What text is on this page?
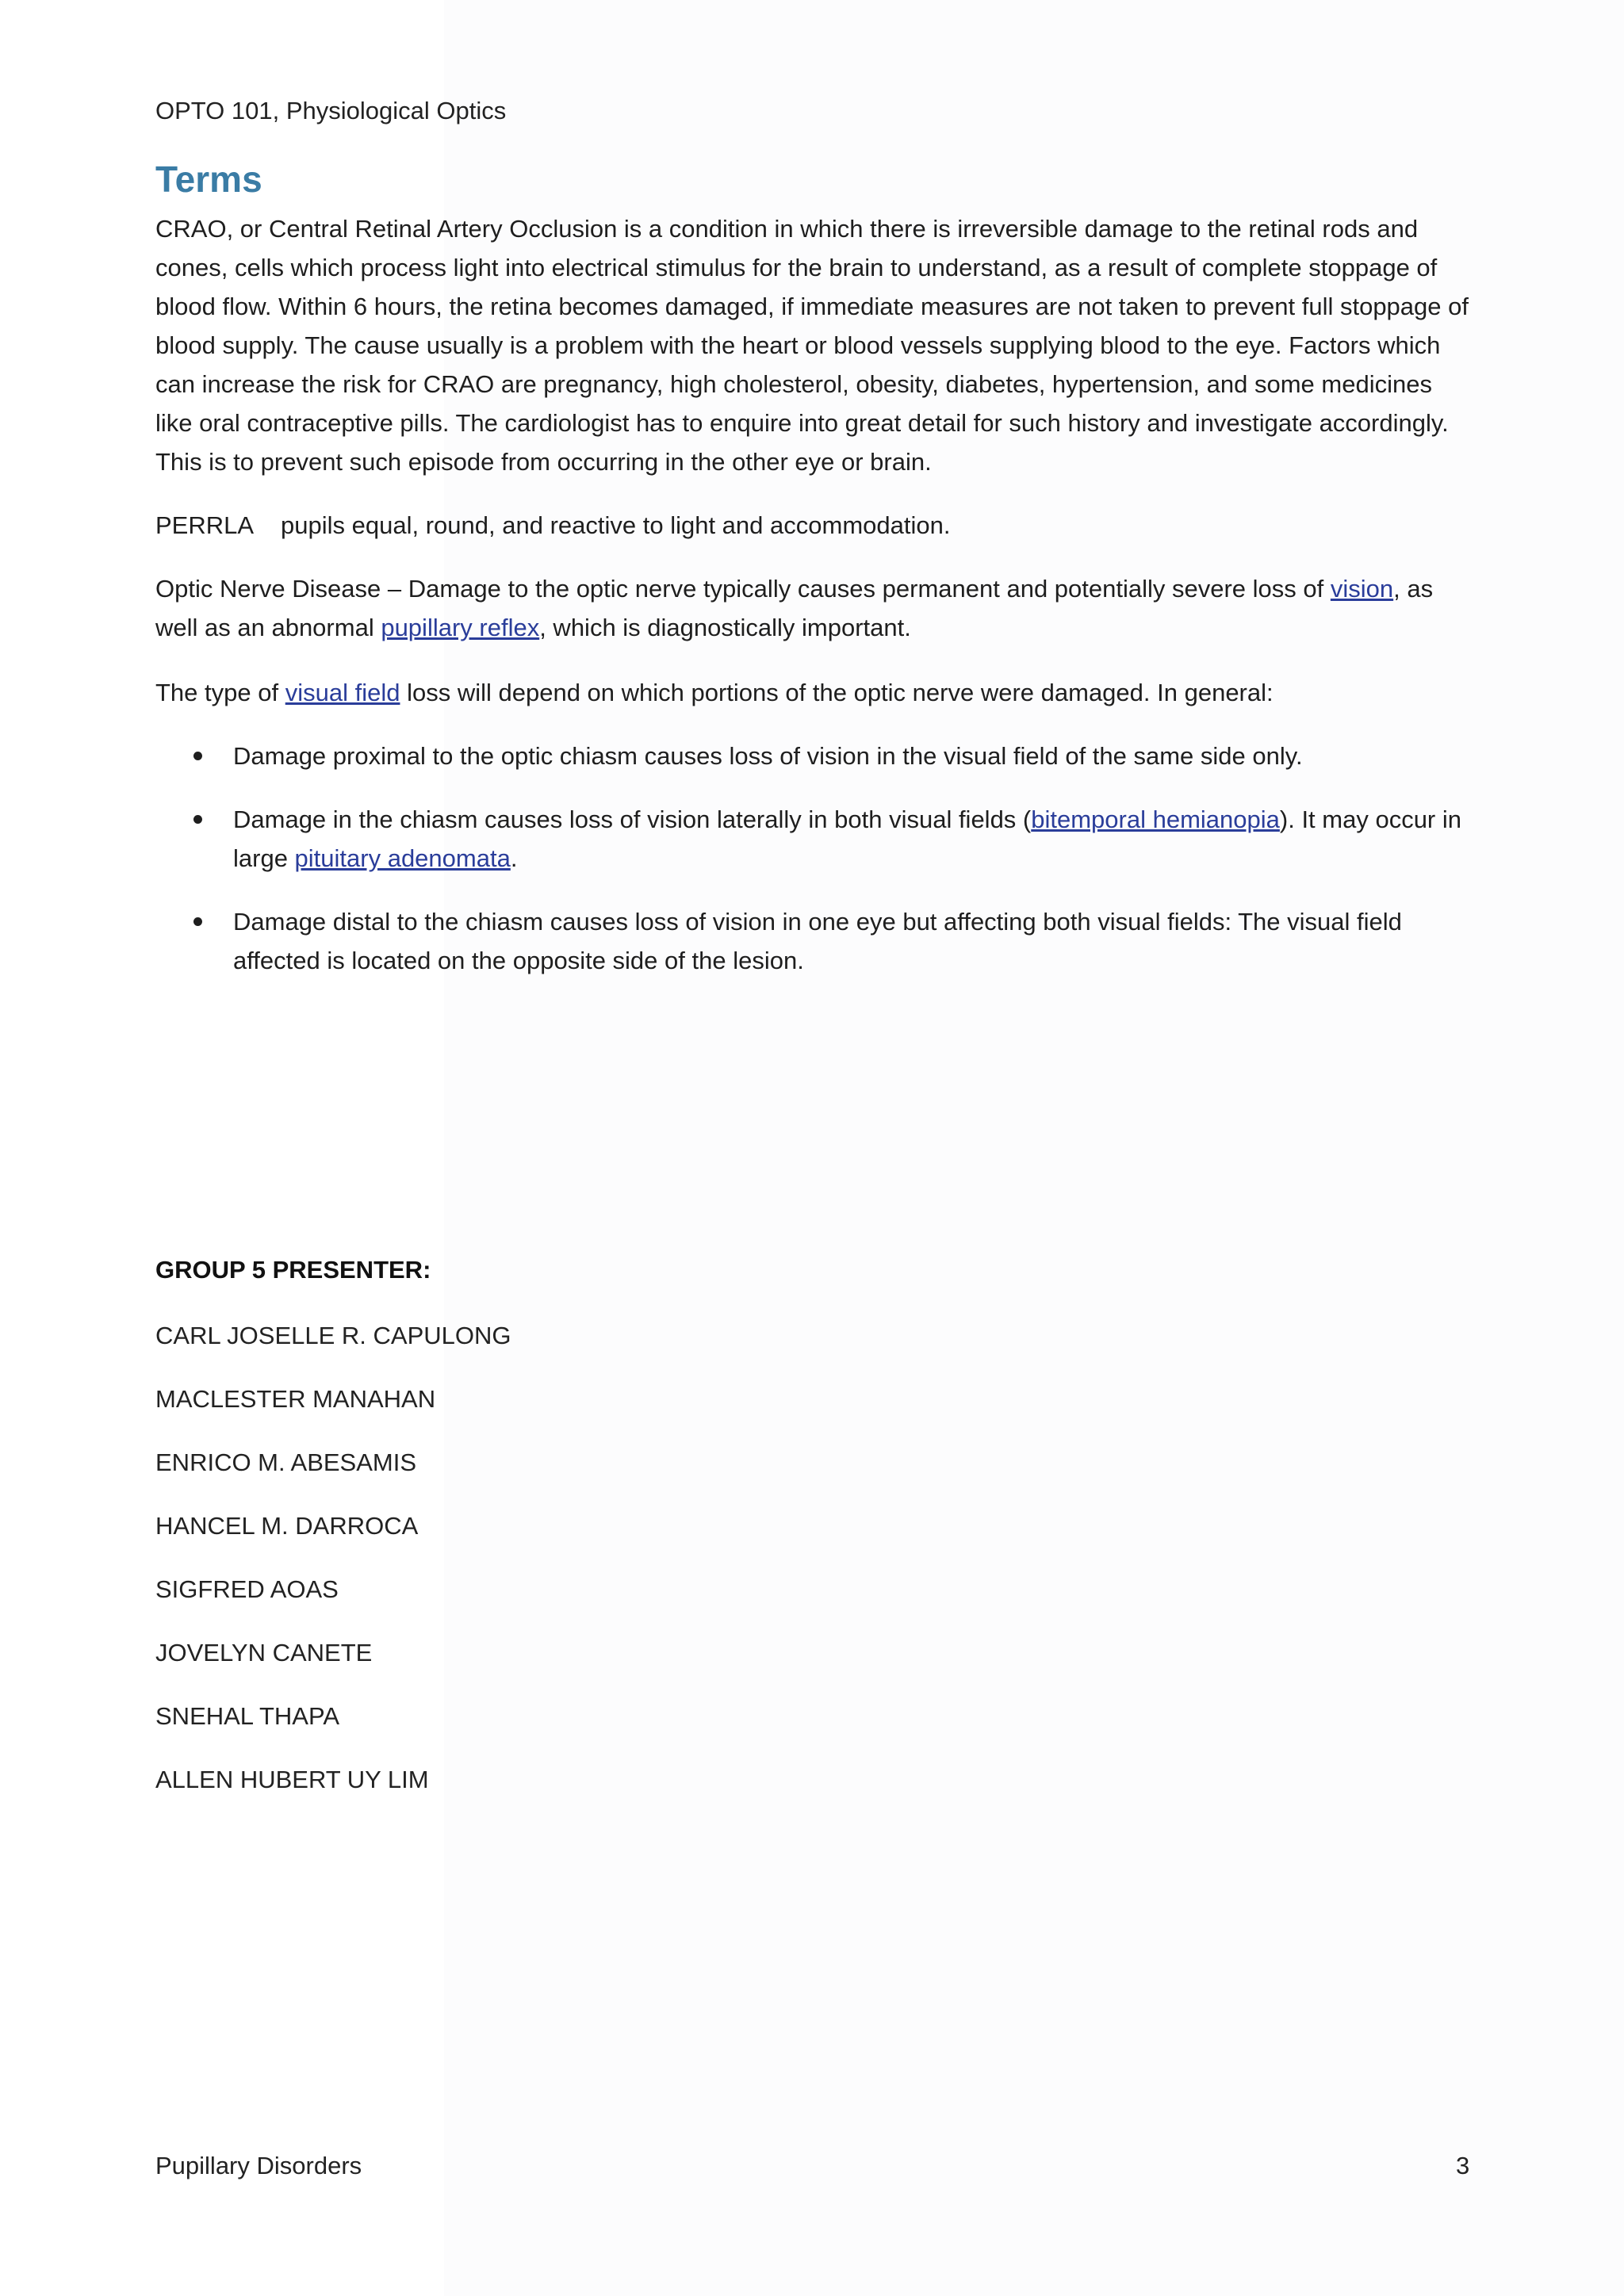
OPTO 101, Physiological Optics
Terms

CRAO, or Central Retinal Artery Occlusion is a condition in which there is irreversible damage to the retinal rods and cones, cells which process light into electrical stimulus for the brain to understand, as a result of complete stoppage of blood flow. Within 6 hours, the retina becomes damaged, if immediate measures are not taken to prevent full stoppage of blood supply. The cause usually is a problem with the heart or blood vessels supplying blood to the eye. Factors which can increase the risk for CRAO are pregnancy, high cholesterol, obesity, diabetes, hypertension, and some medicines like oral contraceptive pills. The cardiologist has to enquire into great detail for such history and investigate accordingly. This is to prevent such episode from occurring in the other eye or brain.

PERRLA pupils equal, round, and reactive to light and accommodation.

Optic Nerve Disease – Damage to the optic nerve typically causes permanent and potentially severe loss of vision, as well as an abnormal pupillary reflex, which is diagnostically important.

The type of visual field loss will depend on which portions of the optic nerve were damaged. In general:

Damage proximal to the optic chiasm causes loss of vision in the visual field of the same side only.
Damage in the chiasm causes loss of vision laterally in both visual fields (bitemporal hemianopia). It may occur in large pituitary adenomata.
Damage distal to the chiasm causes loss of vision in one eye but affecting both visual fields: The visual field affected is located on the opposite side of the lesion.
GROUP 5 PRESENTER:
CARL JOSELLE R. CAPULONG
MACLESTER MANAHAN
ENRICO M. ABESAMIS
HANCEL M. DARROCA
SIGFRED AOAS
JOVELYN CANETE
SNEHAL THAPA
ALLEN HUBERT UY LIM
Pupillary Disorders	3
